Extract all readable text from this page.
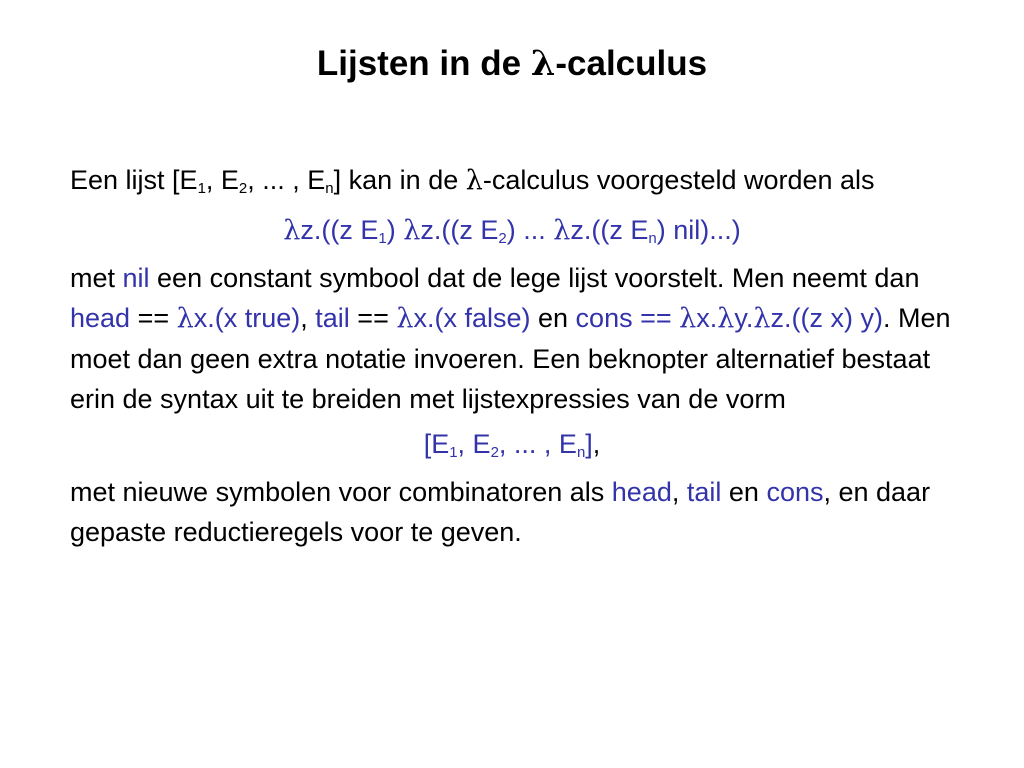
Lijsten in de λ-calculus

Een lijst [$E_1$, $E_2$, ... , $E_n$] kan in de λ-calculus voorgesteld worden als

λz.((z $E_1$) λz.((z $E_2$) ... λz.((z $E_n$) nil)...)

met nil een constant symbool dat de lege lijst voorstelt. Men neemt dan head == λx.(x true), tail == λx.(x false) en cons == λx.λy.λz.((z x) y). Men moet dan geen extra notatie invoeren. Een beknopter alternatief bestaat erin de syntax uit te breiden met lijstexpressies van de vorm

[$E_1$, $E_2$, ... , $E_n$],

met nieuwe symbolen voor combinatoren als head, tail en cons, en daar gepaste reductieregels voor te geven.
